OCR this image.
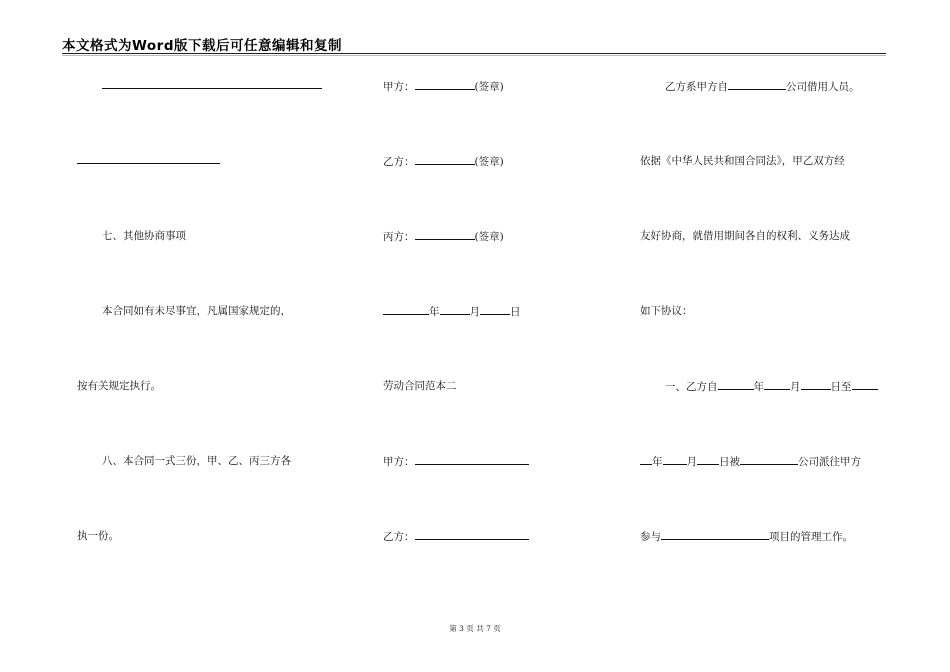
本文格式为Word版下载后可任意编辑和复制
七、其他协商事项
本合同如有未尽事宜，凡属国家规定的，
按有关规定执行。
八、本合同一式三份，甲、乙、丙三方各
执一份。
甲方：	(签章)
乙方：	(签章)
丙方：	(签章)
年	月	日
劳动合同范本二
甲方：
乙方：
乙方系甲方自	公司借用人员。
依据《中华人民共和国合同法》，甲乙双方经
友好协商，就借用期间各自的权利、义务达成
如下协议：
一、乙方自	年 月	日至
年 月 日被	公司派往甲方
参与	项目的管理工作。
第 3 页 共 7 页
